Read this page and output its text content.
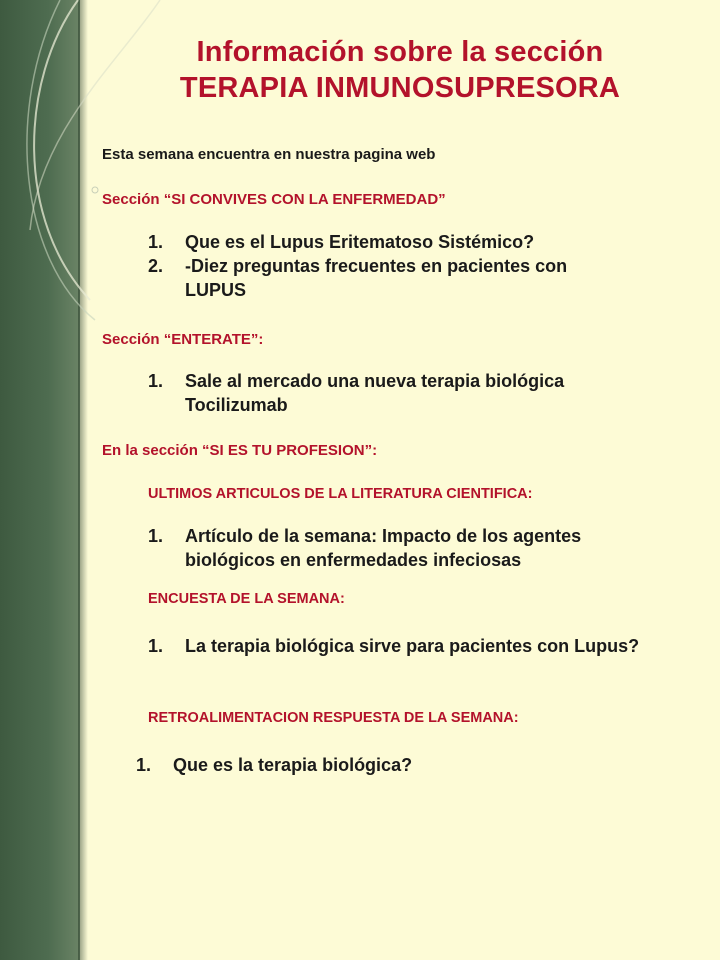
Información sobre la sección
TERAPIA INMUNOSUPRESORA
Esta semana encuentra en nuestra pagina web
Sección “SI CONVIVES CON LA ENFERMEDAD”
1. Que es el Lupus Eritematoso Sistémico?
2. -Diez preguntas frecuentes en pacientes con LUPUS
Sección “ENTERATE”:
1. Sale al mercado una nueva terapia biológica Tocilizumab
En la sección “SI ES TU PROFESION”:
ULTIMOS ARTICULOS DE LA LITERATURA CIENTIFICA:
1. Artículo de la semana: Impacto de los agentes biológicos en enfermedades infeciosas
ENCUESTA DE LA SEMANA:
1. La terapia biológica sirve para pacientes con Lupus?
RETROALIMENTACION RESPUESTA DE LA SEMANA:
1. Que es la terapia biológica?
